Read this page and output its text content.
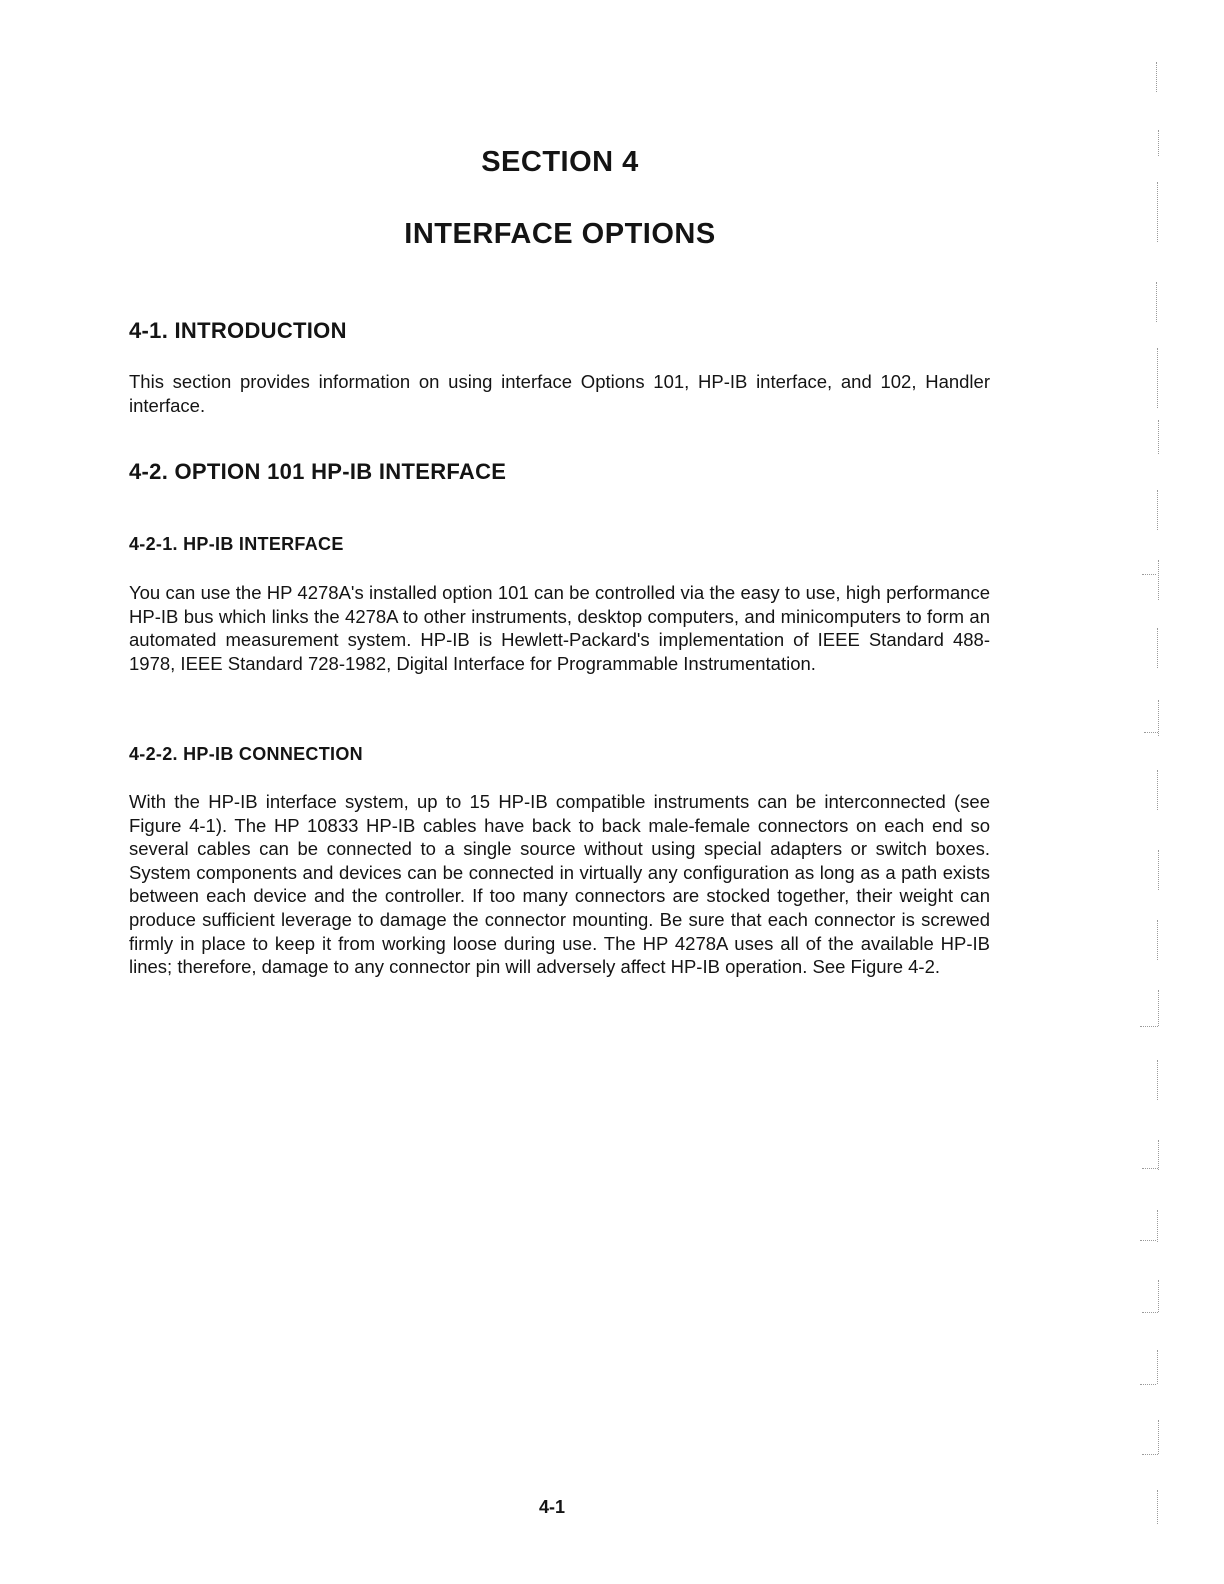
SECTION 4
INTERFACE OPTIONS
4-1. INTRODUCTION

This section provides information on using interface Options 101, HP-IB interface, and 102, Handler interface.

4-2. OPTION 101 HP-IB INTERFACE
4-2-1. HP-IB INTERFACE

You can use the HP 4278A's installed option 101 can be controlled via the easy to use, high performance HP-IB bus which links the 4278A to other instruments, desktop computers, and minicomputers to form an automated measurement system. HP-IB is Hewlett-Packard's implementation of IEEE Standard 488-1978, IEEE Standard 728-1982, Digital Interface for Programmable Instrumentation.

4-2-2. HP-IB CONNECTION

With the HP-IB interface system, up to 15 HP-IB compatible instruments can be interconnected (see Figure 4-1). The HP 10833 HP-IB cables have back to back male-female connectors on each end so several cables can be connected to a single source without using special adapters or switch boxes. System components and devices can be connected in virtually any configuration as long as a path exists between each device and the controller. If too many connectors are stocked together, their weight can produce sufficient leverage to damage the connector mounting. Be sure that each connector is screwed firmly in place to keep it from working loose during use. The HP 4278A uses all of the available HP-IB lines; therefore, damage to any connector pin will adversely affect HP-IB operation. See Figure 4-2.

4-1
